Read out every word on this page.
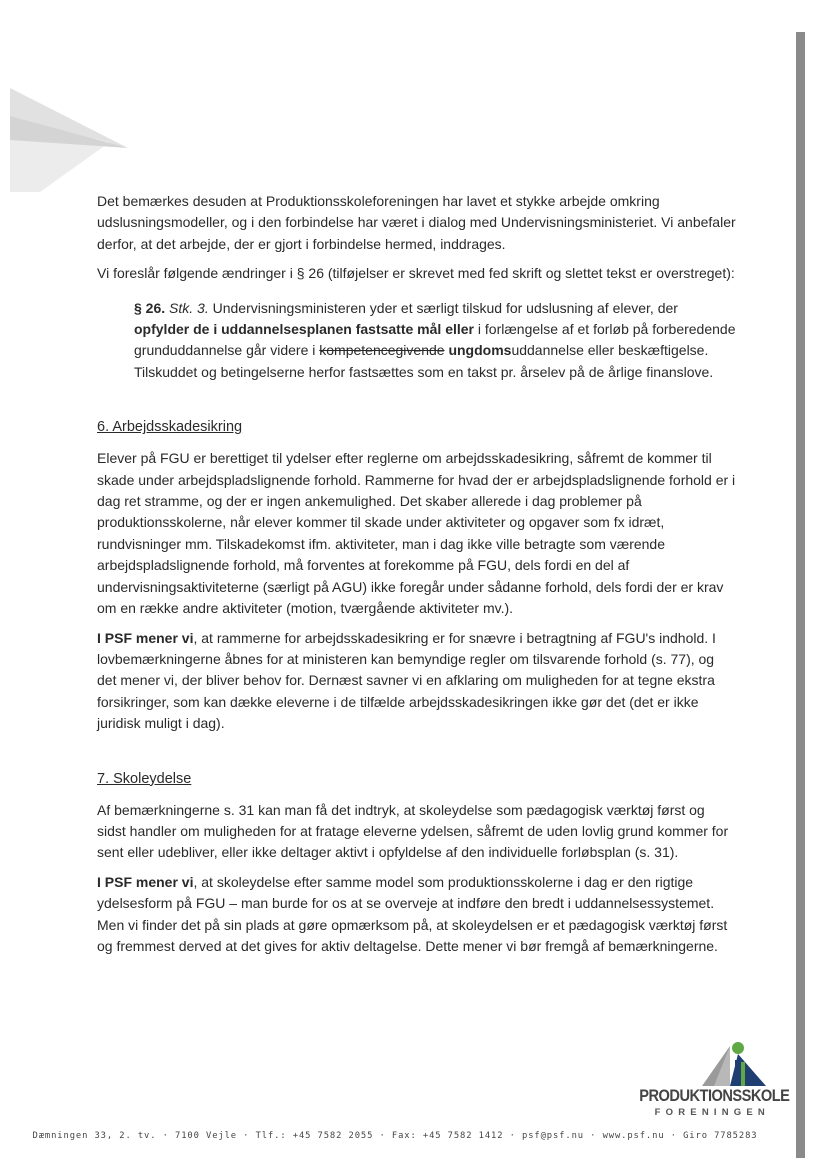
Det bemærkes desuden at Produktionsskoleforeningen har lavet et stykke arbejde omkring udslusningsmodeller, og i den forbindelse har været i dialog med Undervisningsministeriet. Vi anbefaler derfor, at det arbejde, der er gjort i forbindelse hermed, inddrages.

Vi foreslår følgende ændringer i § 26 (tilføjelser er skrevet med fed skrift og slettet tekst er overstreget):

§ 26. Stk. 3. Undervisningsministeren yder et særligt tilskud for udslusning af elever, der opfylder de i uddannelsesplanen fastsatte mål eller i forlængelse af et forløb på forberedende grunduddannelse går videre i kompetencegivende ungdomsuddannelse eller beskæftigelse. Tilskuddet og betingelserne herfor fastsættes som en takst pr. årselev på de årlige finanslove.

6. Arbejdsskadesikring

Elever på FGU er berettiget til ydelser efter reglerne om arbejdsskadesikring, såfremt de kommer til skade under arbejdspladslignende forhold. Rammerne for hvad der er arbejdspladslignende forhold er i dag ret stramme, og der er ingen ankemulighed. Det skaber allerede i dag problemer på produktionsskolerne, når elever kommer til skade under aktiviteter og opgaver som fx idræt, rundvisninger mm. Tilskadekomst ifm. aktiviteter, man i dag ikke ville betragte som værende arbejdspladslignende forhold, må forventes at forekomme på FGU, dels fordi en del af undervisningsaktiviteterne (særligt på AGU) ikke foregår under sådanne forhold, dels fordi der er krav om en række andre aktiviteter (motion, tværgående aktiviteter mv.).

I PSF mener vi, at rammerne for arbejdsskadesikring er for snævre i betragtning af FGU's indhold. I lovbemærkningerne åbnes for at ministeren kan bemyndige regler om tilsvarende forhold (s. 77), og det mener vi, der bliver behov for. Dernæst savner vi en afklaring om muligheden for at tegne ekstra forsikringer, som kan dække eleverne i de tilfælde arbejdsskadesikringen ikke gør det (det er ikke juridisk muligt i dag).

7. Skoleydelse

Af bemærkningerne s. 31 kan man få det indtryk, at skoleydelse som pædagogisk værktøj først og sidst handler om muligheden for at fratage eleverne ydelsen, såfremt de uden lovlig grund kommer for sent eller udebliver, eller ikke deltager aktivt i opfyldelse af den individuelle forløbsplan (s. 31).

I PSF mener vi, at skoleydelse efter samme model som produktionsskolerne i dag er den rigtige ydelsesform på FGU – man burde for os at se overveje at indføre den bredt i uddannelsessystemet. Men vi finder det på sin plads at gøre opmærksom på, at skoleydelsen er et pædagogisk værktøj først og fremmest derved at det gives for aktiv deltagelse. Dette mener vi bør fremgå af bemærkningerne.

PRODUKTIONSSKOLE
FORENINGEN
Dæmningen 33, 2. tv. · 7100 Vejle · Tlf.: +45 7582 2055 · Fax: +45 7582 1412 · psf@psf.nu · www.psf.nu · Giro 7785283
